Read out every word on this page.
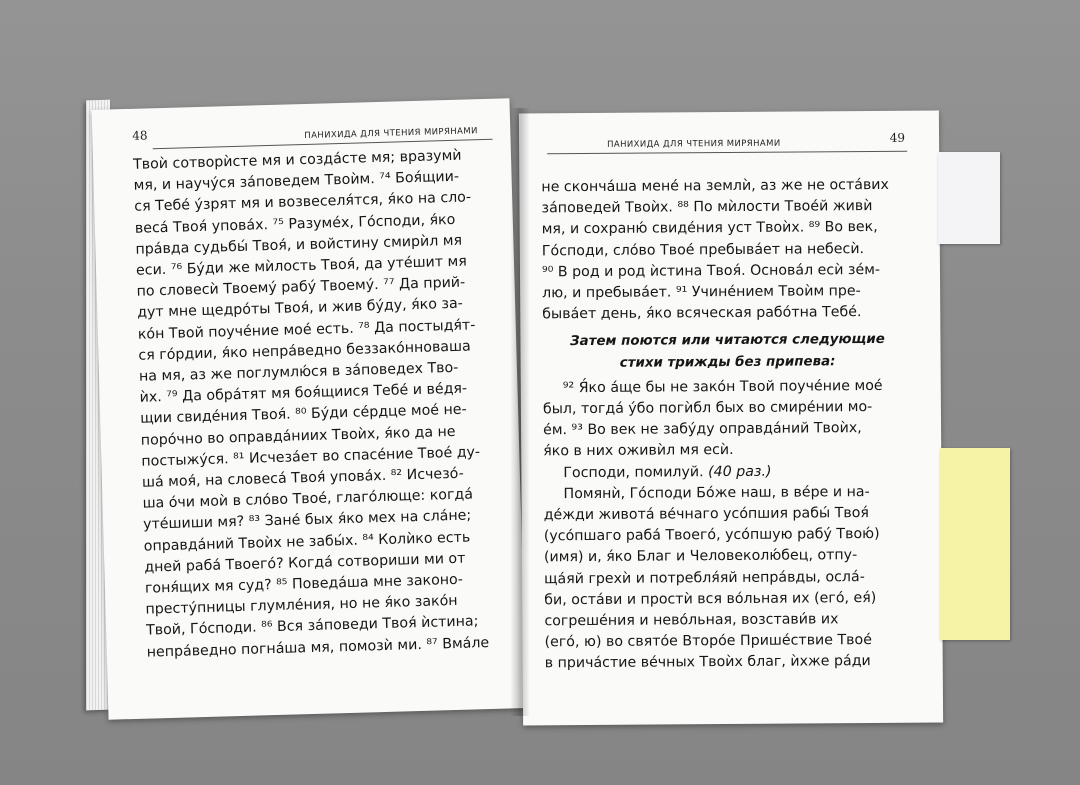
48	ПАНИХИДА ДЛЯ ЧТЕНИЯ МИРЯНАМИ
Твоѝ сотворѝсте мя и создáсте мя; вразумѝ
мя, и научу́ся зáповедем Твоѝм. ⁷⁴ Боя́щии-
ся Тебé у́зрят мя и возвеселя́тся, я́ко на сло-
весá Твоя́ уповáх. ⁷⁵ Разумéх, Гóсподи, я́ко
прáвда судьбы́ Твоя́, и войстину смирѝл мя
еси. ⁷⁶ Бу́ди же мѝлость Твоя́, да утéшит мя
по словесѝ Твоему́ рабу́ Твоему́. ⁷⁷ Да прий-
дут мне щедрóты Твоя́, и жив бу́ду, я́ко за-
кóн Твой поучéние моé есть. ⁷⁸ Да постыдя́т-
ся гóрдии, я́ко непрáведно беззакóнноваша
на мя, аз же поглумлю́ся в зáповедех Тво-
ѝх. ⁷⁹ Да обрáтят мя боя́щиися Тебé и вéдя-
щии свидéния Твоя́. ⁸⁰ Бу́ди сéрдце моé не-
порóчно во оправдáниих Твоѝх, я́ко да не
постыжу́ся. ⁸¹ Исчезáет во спасéние Твоé ду-
шá моя́, на словесá Твоя́ уповáх. ⁸² Исчезó-
ша óчи моѝ в слóво Твоé, глагóлюще: когдá
утéшиши мя? ⁸³ Занé бых я́ко мех на слáне;
оправдáний Твоѝх не забы́х. ⁸⁴ Колѝко есть
дней рабá Твоегó? Когдá сотвориши ми от
гоня́щих мя суд? ⁸⁵ Поведáша мне законо-
престу́пницы глумлéния, но не я́ко закóн
Твой, Гóсподи. ⁸⁶ Вся зáповеди Твоя́ ѝстина;
непрáведно погнáша мя, помозѝ ми. ⁸⁷ Вмáле
ПАНИХИДА ДЛЯ ЧТЕНИЯ МИРЯНАМИ	49
не скончáша менé на землѝ, аз же не остáвих
зáповедей Твоѝх. ⁸⁸ По мѝлости Твоéй живѝ
мя, и сохраню́ свидéния уст Твоѝх. ⁸⁹ Во век,
Гóсподи, слóво Твоé пребывáет на небесѝ.
⁹⁰ В род и род ѝстина Твоя́. Основáл есѝ зéм-
лю, и пребывáет. ⁹¹ Учинéнием Твоѝм пре-
бывáет день, я́ко всяческая рабóтна Тебé.
Затем поются или читаются следующие
стихи трижды без припева:
⁹² Я́ко áще бы не закóн Твой поучéние моé
был, тогдá у́бо погѝбл бых во смирéнии мо-
éм. ⁹³ Во век не забу́ду оправдáний Твоѝх,
я́ко в них оживѝл мя есѝ.
Господи, помилуй. (40 раз.)
Помянѝ, Гóсподи Бóже наш, в вéре и на-
дéжди животá вéчнаго усóпшия рабы́ Твоя́
(усóпшаго рабá Твоегó, усóпшую рабу́ Твою́)
(имя) и, я́ко Благ и Человеколю́бец, отпу-
щáяй грехѝ и потребля́яй непрáвды, ослá-
би, остáви и простѝ вся вóльная их (егó, ея́)
согрешéния и невóльная, возстави́в их
(егó, ю) во святóе Вторóе Пришéствие Твоé
в причáстие вéчных Твоѝх благ, ѝхже рáди
